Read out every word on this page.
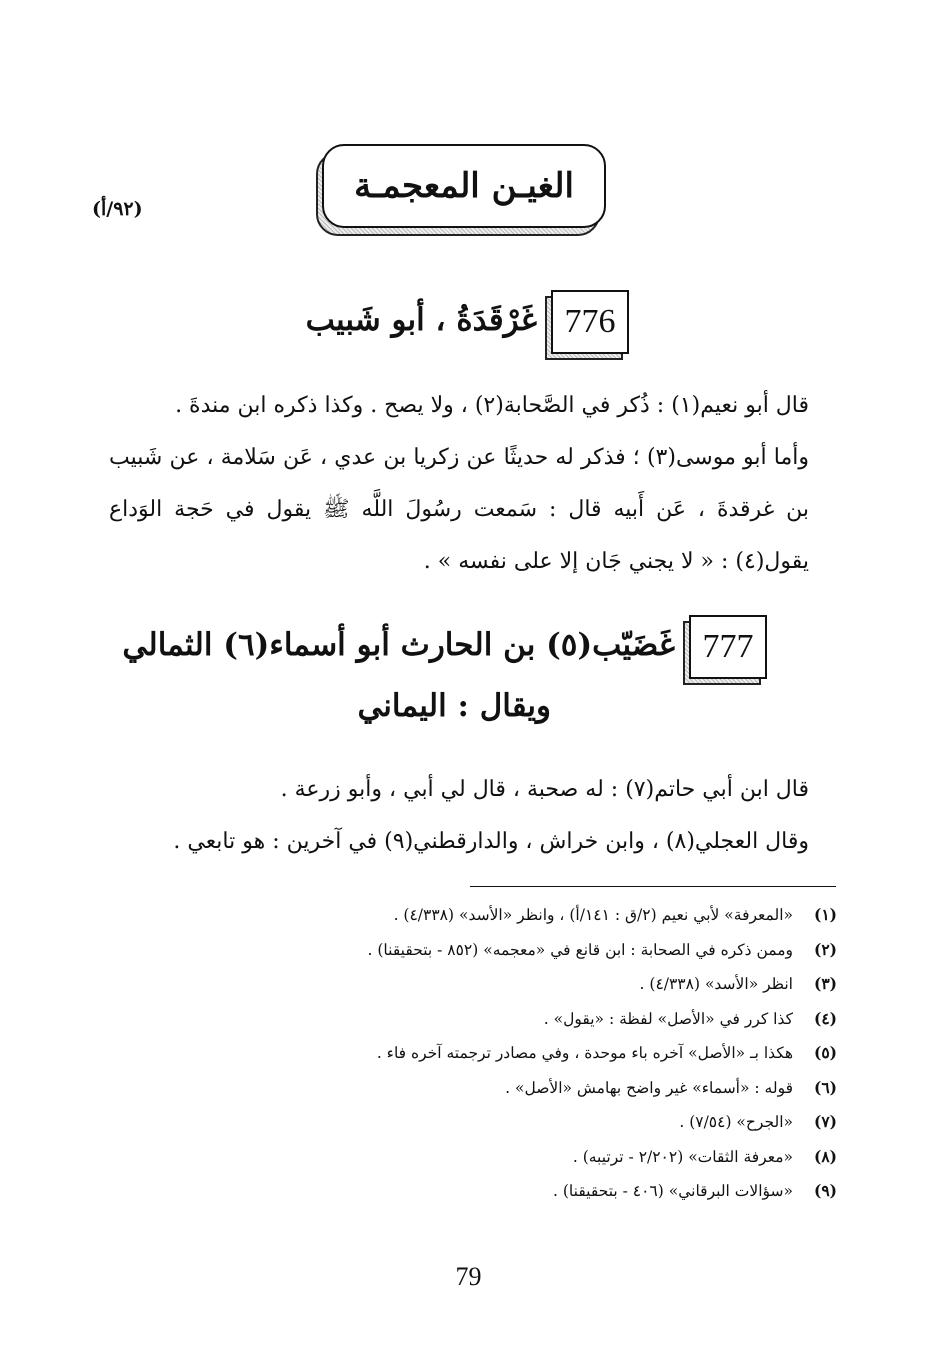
(٩٢/أ)
الغيـن المعجمـة
776
غَرْقَدَةُ ، أبو شَبيب

قال أبو نعيم(١) : ذُكر في الصَّحابة(٢) ، ولا يصح . وكذا ذكره ابن مندةَ .

وأما أبو موسى(٣) ؛ فذكر له حديثًا عن زكريا بن عدي ، عَن سَلامة ، عن شَبيب بن غرقدةَ ، عَن أَبيه قال : سَمعت رسُولَ اللَّه ﷺ يقول في حَجة الوَداع يقول(٤) : « لا يجني جَان إلا على نفسه » .

777
غَضَيّب(٥) بن الحارث أبو أسماء(٦) الثمالي
ويقال : اليماني

قال ابن أبي حاتم(٧) : له صحبة ، قال لي أبي ، وأبو زرعة .

وقال العجلي(٨) ، وابن خراش ، والدارقطني(٩) في آخرين : هو تابعي .

(١)
«المعرفة» لأبي نعيم (٢/ق : ١٤١/أ) ، وانظر «الأسد» (٤/٣٣٨) .
(٢)
وممن ذكره في الصحابة : ابن قانع في «معجمه» (٨٥٢ - بتحقيقنا) .
(٣)
انظر «الأسد» (٤/٣٣٨) .
(٤)
كذا كرر في «الأصل» لفظة : «يقول» .
(٥)
هكذا بـ «الأصل» آخره باء موحدة ، وفي مصادر ترجمته آخره فاء .
(٦)
قوله : «أسماء» غير واضح بهامش «الأصل» .
(٧)
«الجرح» (٧/٥٤) .
(٨)
«معرفة الثقات» (٢/٢٠٢ - ترتيبه) .
(٩)
«سؤالات البرقاني» (٤٠٦ - بتحقيقنا) .
79
